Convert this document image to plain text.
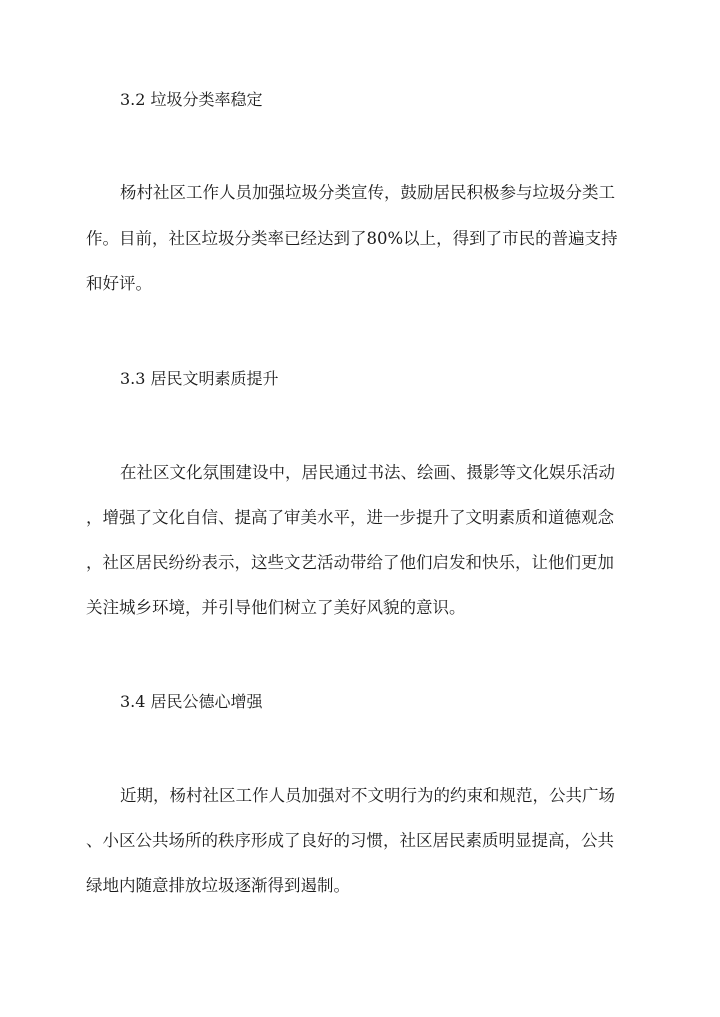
3.2 垃圾分类率稳定
杨村社区工作人员加强垃圾分类宣传，鼓励居民积极参与垃圾分类工
作。目前，社区垃圾分类率已经达到了80%以上，得到了市民的普遍支持
和好评。
3.3 居民文明素质提升
在社区文化氛围建设中，居民通过书法、绘画、摄影等文化娱乐活动
，增强了文化自信、提高了审美水平，进一步提升了文明素质和道德观念
，社区居民纷纷表示，这些文艺活动带给了他们启发和快乐，让他们更加
关注城乡环境，并引导他们树立了美好风貌的意识。
3.4 居民公德心增强
近期，杨村社区工作人员加强对不文明行为的约束和规范，公共广场
、小区公共场所的秩序形成了良好的习惯，社区居民素质明显提高，公共
绿地内随意排放垃圾逐渐得到遏制。
